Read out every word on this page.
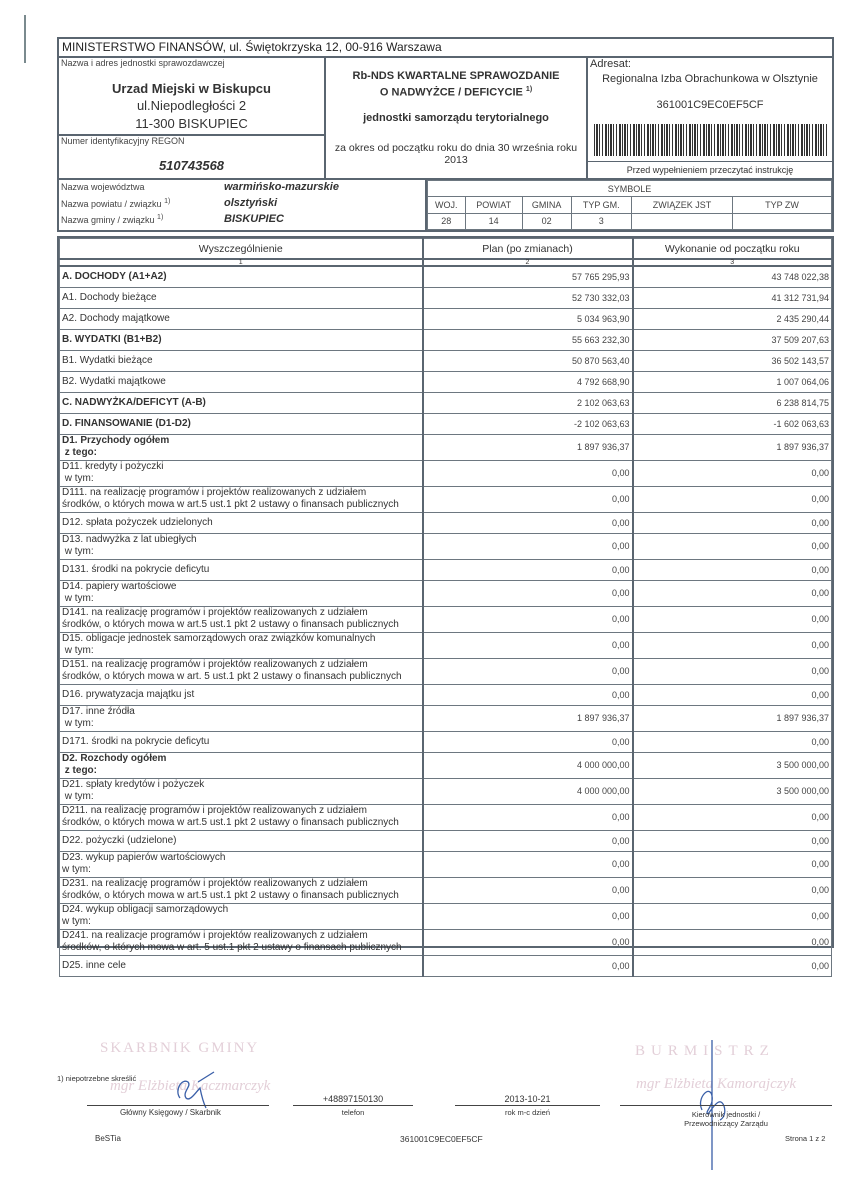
MINISTERSTWO FINANSÓW, ul. Świętokrzyska 12, 00-916 Warszawa
Nazwa i adres jednostki sprawozdawczej
Urzad Miejski w Biskupcu
ul.Niepodległości 2
11-300 BISKUPIEC
Numer identyfikacyjny REGON
510743568
Rb-NDS KWARTALNE SPRAWOZDANIE
O NADWYŻCE / DEFICYCIE $^{1)}$
jednostki samorządu terytorialnego
za okres od początku roku do dnia 30 września roku
2013
Adresat:
Regionalna Izba Obrachunkowa w Olsztynie
361001C9EC0EF5CF
Przed wypełnieniem przeczytać instrukcję
Nazwa województwa	warmińsko-mazurskie
Nazwa powiatu / związku $^{1)}$	olsztyński
Nazwa gminy / związku $^{1)}$	BISKUPIEC
SYMBOLE					
WOJ.	POWIAT	GMINA	TYP GM.	ZWIĄZEK JST	TYP ZW
28	14	02	3		
Wyszczególnienie	Plan (po zmianach)	Wykonanie od początku roku
1	2	3
A. DOCHODY (A1+A2)	57 765 295,93	43 748 022,38
A1. Dochody bieżące	52 730 332,03	41 312 731,94
A2. Dochody majątkowe	5 034 963,90	2 435 290,44
B. WYDATKI (B1+B2)	55 663 232,30	37 509 207,63
B1. Wydatki bieżące	50 870 563,40	36 502 143,57
B2. Wydatki majątkowe	4 792 668,90	1 007 064,06
C. NADWYŻKA/DEFICYT (A-B)	2 102 063,63	6 238 814,75
D. FINANSOWANIE (D1-D2)	-2 102 063,63	-1 602 063,63
D1. Przychody ogółem
z tego:	1 897 936,37	1 897 936,37
D11. kredyty i pożyczki
w tym:	0,00	0,00
D111. na realizację programów i projektów realizowanych z udziałem
środków, o których mowa w art.5 ust.1 pkt 2 ustawy o finansach publicznych	0,00	0,00
D12. spłata pożyczek udzielonych	0,00	0,00
D13. nadwyżka z lat ubiegłych
w tym:	0,00	0,00
D131. środki na pokrycie deficytu	0,00	0,00
D14. papiery wartościowe
w tym:	0,00	0,00
D141. na realizację programów i projektów realizowanych z udziałem
środków, o których mowa w art.5 ust.1 pkt 2 ustawy o finansach publicznych	0,00	0,00
D15. obligacje jednostek samorządowych oraz związków komunalnych
w tym:	0,00	0,00
D151. na realizację programów i projektów realizowanych z udziałem
środków, o których mowa w art. 5 ust.1 pkt 2 ustawy o finansach publicznych	0,00	0,00
D16. prywatyzacja majątku jst	0,00	0,00
D17. inne źródła
w tym:	1 897 936,37	1 897 936,37
D171. środki na pokrycie deficytu	0,00	0,00
D2. Rozchody ogółem
z tego:	4 000 000,00	3 500 000,00
D21. spłaty kredytów i pożyczek
w tym:	4 000 000,00	3 500 000,00
D211. na realizację programów i projektów realizowanych z udziałem
środków, o których mowa w art.5 ust.1 pkt 2 ustawy o finansach publicznych	0,00	0,00
D22. pożyczki (udzielone)	0,00	0,00
D23. wykup papierów wartościowych
w tym:	0,00	0,00
D231. na realizację programów i projektów realizowanych z udziałem
środków, o których mowa w art.5 ust.1 pkt 2 ustawy o finansach publicznych	0,00	0,00
D24. wykup obligacji samorządowych
w tym:	0,00	0,00
D241. na realizacje programów i projektów realizowanych z udziałem
środków, o których mowa w art. 5 ust.1 pkt 2 ustawy o finansach publicznych	0,00	0,00
D25. inne cele	0,00	0,00
SKARBNIK GMINY
mgr Elżbieta Kaczmarczyk
1) niepotrzebne skreślić
Główny Księgowy / Skarbnik
+48897150130
telefon
2013-10-21
rok m-c dzień
BURMISTRZ
mgr Elżbieta Kamorajczyk
Kierownik jednostki /
Przewodniczący Zarządu
BeSTia	361001C9EC0EF5CF	Strona 1 z 2
